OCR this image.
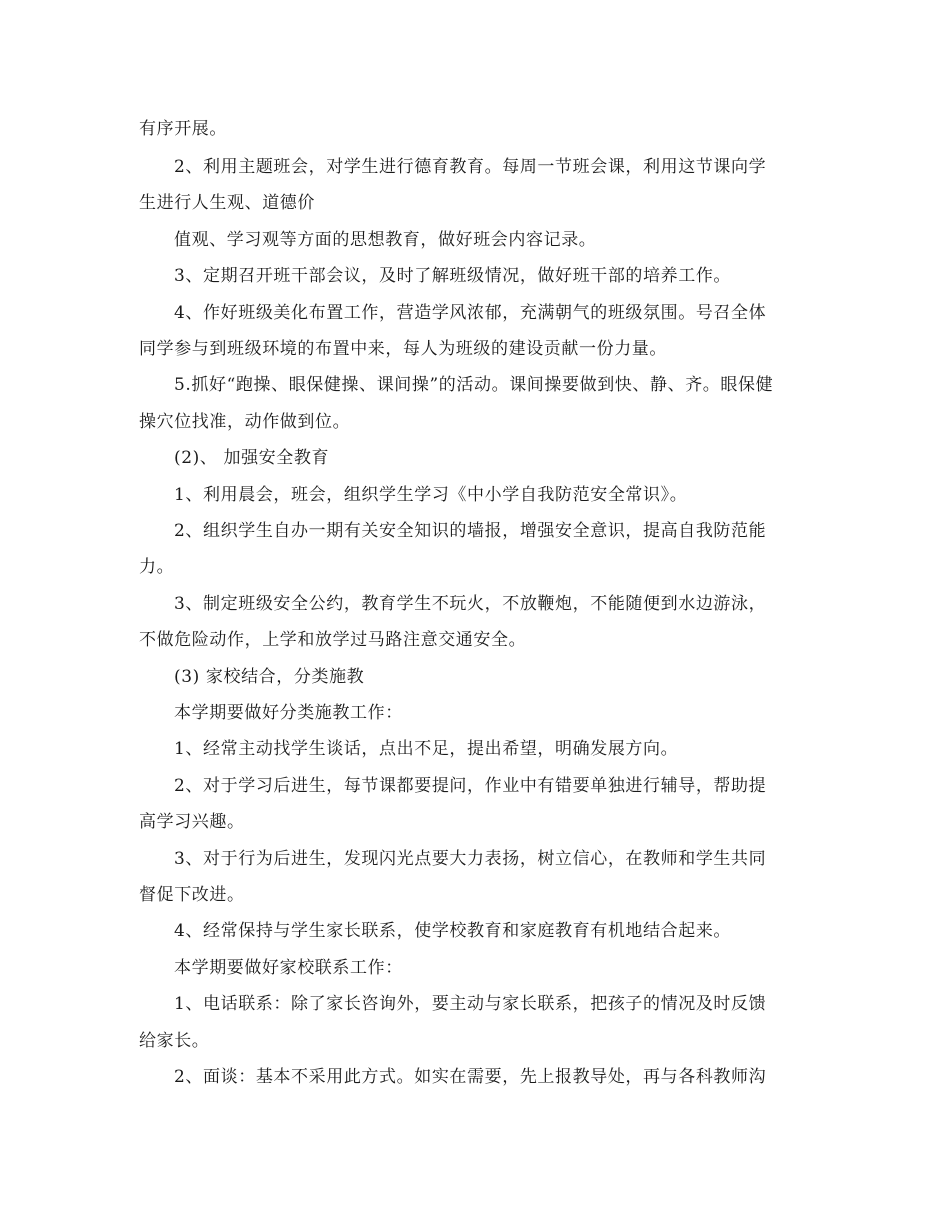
有序开展。
2、利用主题班会，对学生进行德育教育。每周一节班会课，利用这节课向学
生进行人生观、道德价
值观、学习观等方面的思想教育，做好班会内容记录。
3、定期召开班干部会议，及时了解班级情况，做好班干部的培养工作。
4、作好班级美化布置工作，营造学风浓郁，充满朝气的班级氛围。号召全体
同学参与到班级环境的布置中来，每人为班级的建设贡献一份力量。
5.抓好“跑操、眼保健操、课间操”的活动。课间操要做到快、静、齐。眼保健
操穴位找准，动作做到位。
(2)、 加强安全教育
1、利用晨会，班会，组织学生学习《中小学自我防范安全常识》。
2、组织学生自办一期有关安全知识的墙报，增强安全意识，提高自我防范能
力。
3、制定班级安全公约，教育学生不玩火，不放鞭炮，不能随便到水边游泳，
不做危险动作，上学和放学过马路注意交通安全。
(3) 家校结合，分类施教
本学期要做好分类施教工作：
1、经常主动找学生谈话，点出不足，提出希望，明确发展方向。
2、对于学习后进生，每节课都要提问，作业中有错要单独进行辅导，帮助提
高学习兴趣。
3、对于行为后进生，发现闪光点要大力表扬，树立信心，在教师和学生共同
督促下改进。
4、经常保持与学生家长联系，使学校教育和家庭教育有机地结合起来。
本学期要做好家校联系工作：
1、电话联系：除了家长咨询外，要主动与家长联系，把孩子的情况及时反馈
给家长。
2、面谈：基本不采用此方式。如实在需要，先上报教导处，再与各科教师沟
